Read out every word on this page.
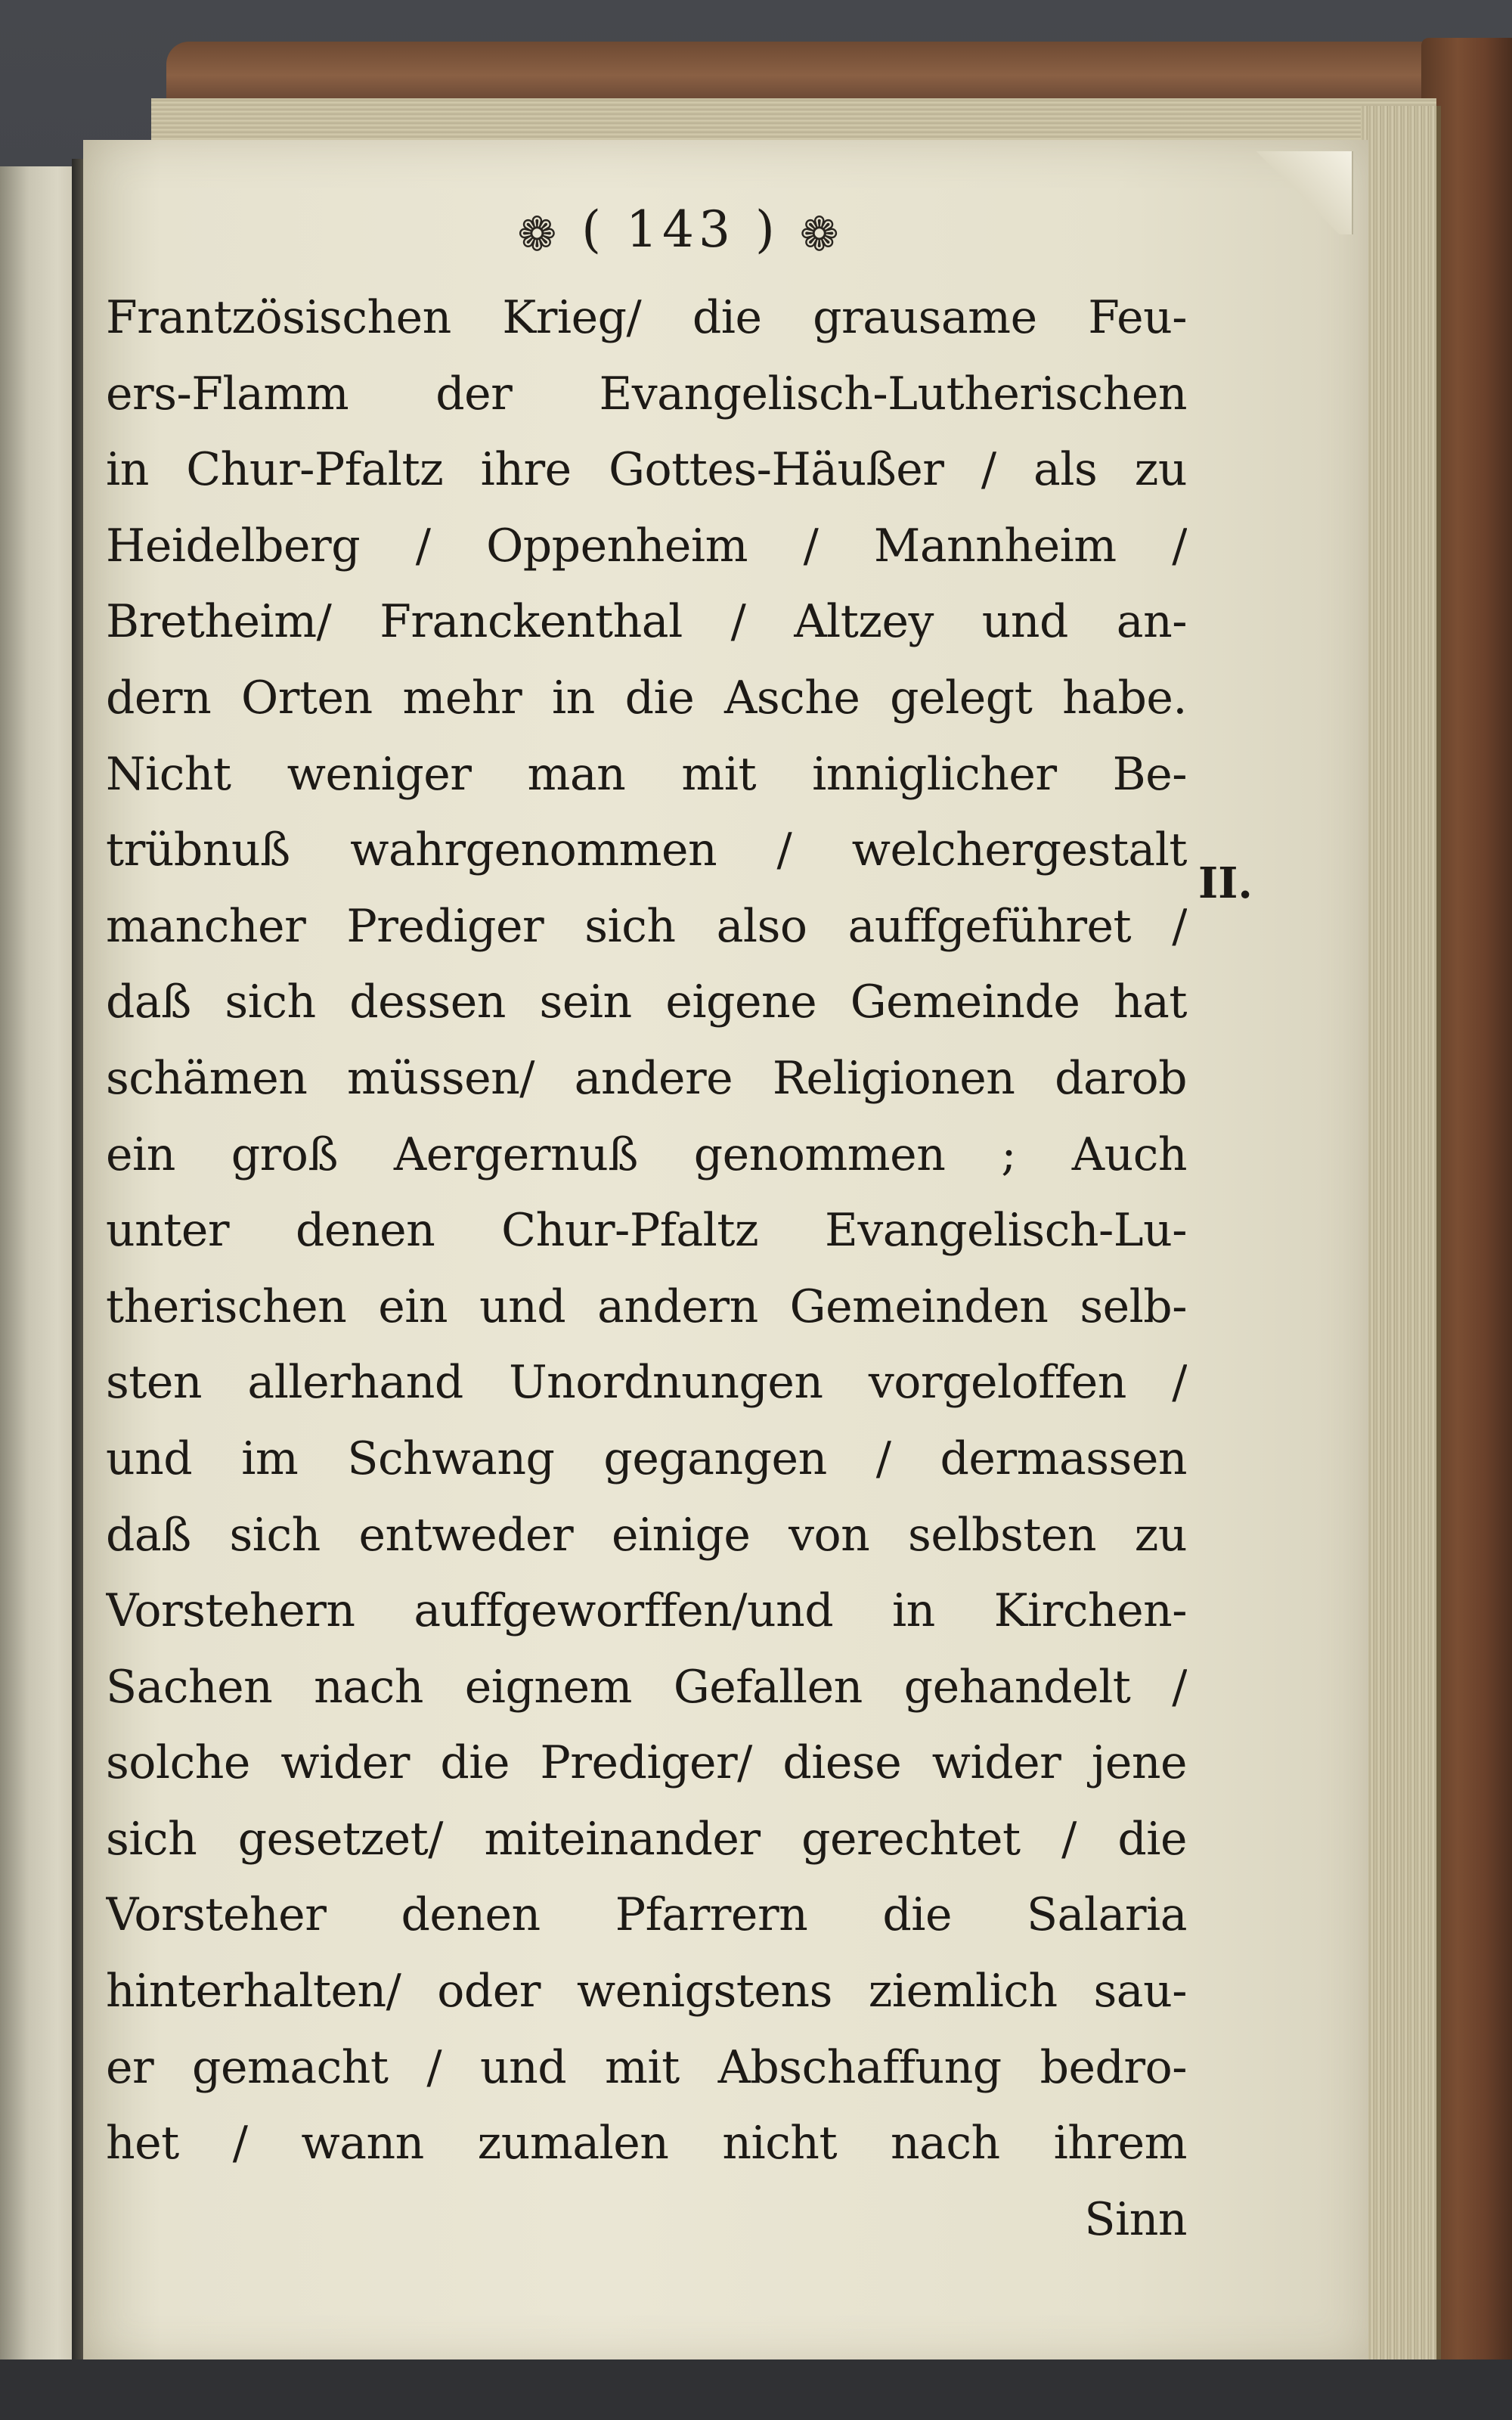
❁ ( 143 ) ❁
Frantzösischen Krieg/ die grausame Feu-
ers-Flamm der Evangelisch-Lutherischen
in Chur-Pfaltz ihre Gottes-Häußer / als zu
Heidelberg / Oppenheim / Mannheim /
Bretheim/ Franckenthal / Altzey und an-
dern Orten mehr in die Asche gelegt habe.
Nicht weniger man mit inniglicher Be-
trübnuß wahrgenommen / welchergestalt
mancher Prediger sich also auffgeführet /
daß sich dessen sein eigene Gemeinde hat
schämen müssen/ andere Religionen darob
ein groß Aergernuß genommen ; Auch
unter denen Chur-Pfaltz Evangelisch-Lu-
therischen ein und andern Gemeinden selb-
sten allerhand Unordnungen vorgeloffen /
und im Schwang gegangen / dermassen
daß sich entweder einige von selbsten zu
Vorstehern auffgeworffen/und in Kirchen-
Sachen nach eignem Gefallen gehandelt /
solche wider die Prediger/ diese wider jene
sich gesetzet/ miteinander gerechtet / die
Vorsteher denen Pfarrern die Salaria
hinterhalten/ oder wenigstens ziemlich sau-
er gemacht / und mit Abschaffung bedro-
het / wann zumalen nicht nach ihrem
Sinn
II.
